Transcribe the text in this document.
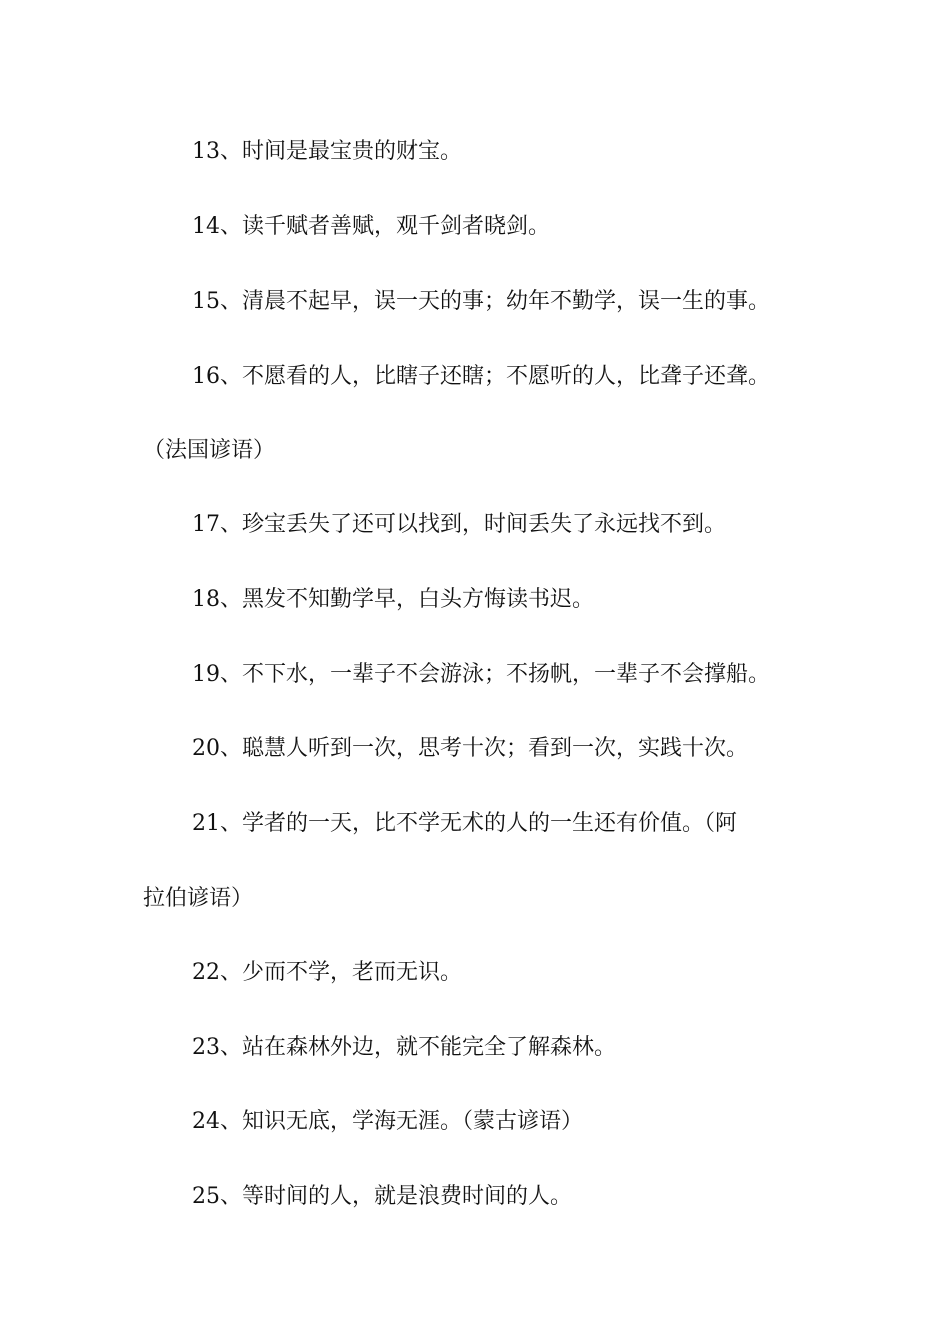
13、时间是最宝贵的财宝。
14、读千赋者善赋，观千剑者晓剑。
15、清晨不起早，误一天的事；幼年不勤学，误一生的事。
16、不愿看的人，比瞎子还瞎；不愿听的人，比聋子还聋。
（法国谚语）
17、珍宝丢失了还可以找到，时间丢失了永远找不到。
18、黑发不知勤学早，白头方悔读书迟。
19、不下水，一辈子不会游泳；不扬帆，一辈子不会撑船。
20、聪慧人听到一次，思考十次；看到一次，实践十次。
21、学者的一天，比不学无术的人的一生还有价值。（阿
拉伯谚语）
22、少而不学，老而无识。
23、站在森林外边，就不能完全了解森林。
24、知识无底，学海无涯。（蒙古谚语）
25、等时间的人，就是浪费时间的人。
